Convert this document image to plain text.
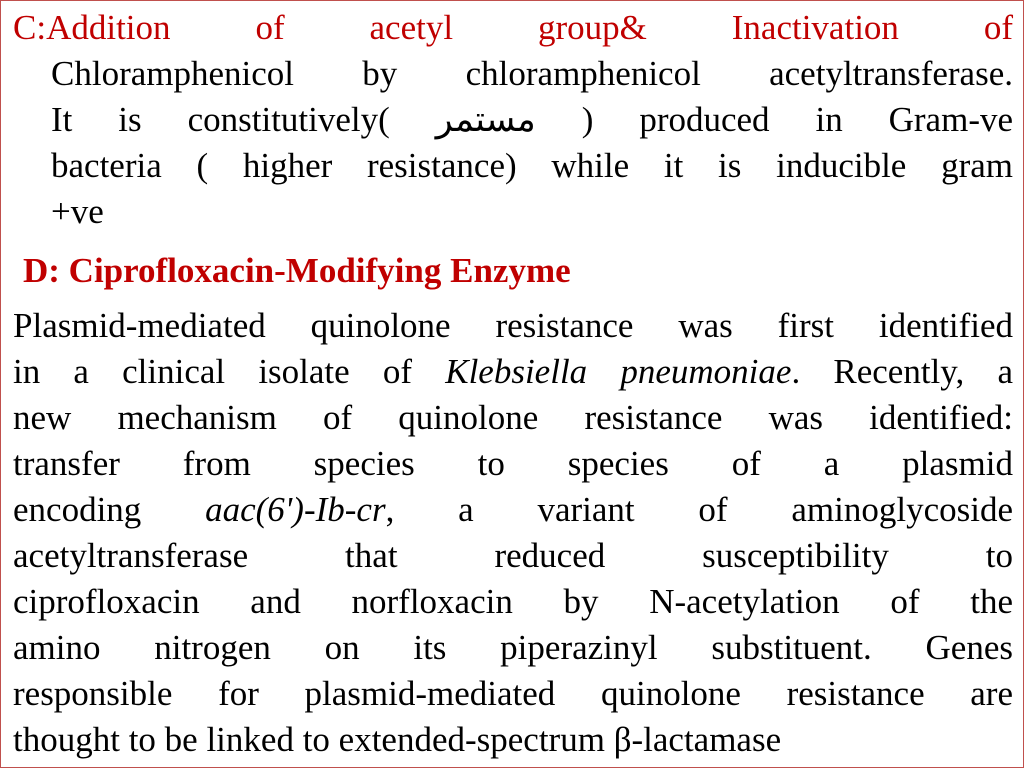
C:Addition of acetyl group& Inactivation of
Chloramphenicol by chloramphenicol acetyltransferase.
It is constitutively( مستمر ) produced in Gram-ve
bacteria ( higher resistance) while it is inducible gram
+ve
D: Ciprofloxacin-Modifying Enzyme
Plasmid-mediated quinolone resistance was first identified
in a clinical isolate of Klebsiella pneumoniae. Recently, a
new mechanism of quinolone resistance was identified:
transfer from species to species of a plasmid
encoding aac(6')-Ib-cr, a variant of aminoglycoside
acetyltransferase that reduced susceptibility to
ciprofloxacin and norfloxacin by N-acetylation of the
amino nitrogen on its piperazinyl substituent. Genes
responsible for plasmid-mediated quinolone resistance are
thought to be linked to extended-spectrum β-lactamase
